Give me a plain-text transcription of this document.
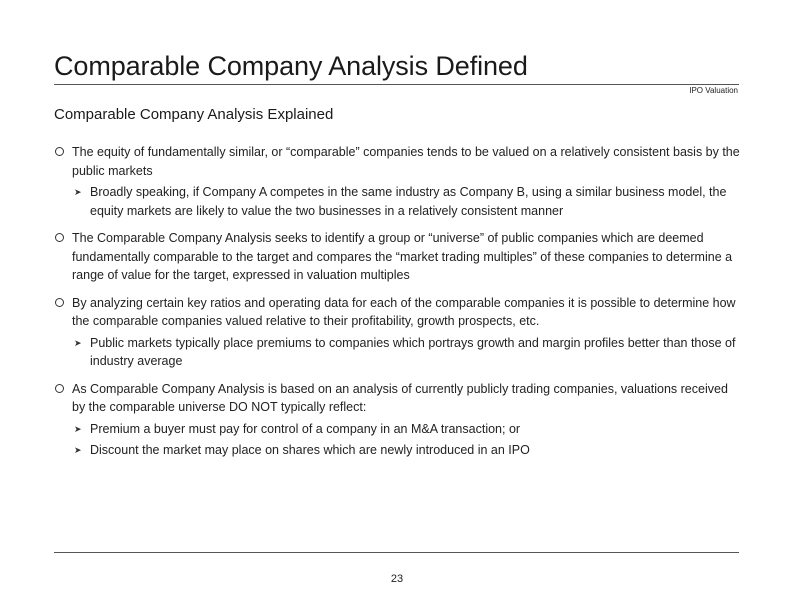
Comparable Company Analysis Defined
IPO Valuation
Comparable Company Analysis Explained
The equity of fundamentally similar, or “comparable” companies tends to be valued on a relatively consistent basis by the public markets
➤ Broadly speaking, if Company A competes in the same industry as Company B, using a similar business model, the equity markets are likely to value the two businesses in a relatively consistent manner
The Comparable Company Analysis seeks to identify a group or “universe” of public companies which are deemed fundamentally comparable to the target and compares the “market trading multiples” of these companies to determine a range of value for the target, expressed in valuation multiples
By analyzing certain key ratios and operating data for each of the comparable companies it is possible to determine how the comparable companies valued relative to their profitability, growth prospects, etc.
➤ Public markets typically place premiums to companies which portrays growth and margin profiles better than those of industry average
As Comparable Company Analysis is based on an analysis of currently publicly trading companies, valuations received by the comparable universe DO NOT typically reflect:
➤ Premium a buyer must pay for control of a company in an M&A transaction; or
➤ Discount the market may place on shares which are newly introduced in an IPO
23
